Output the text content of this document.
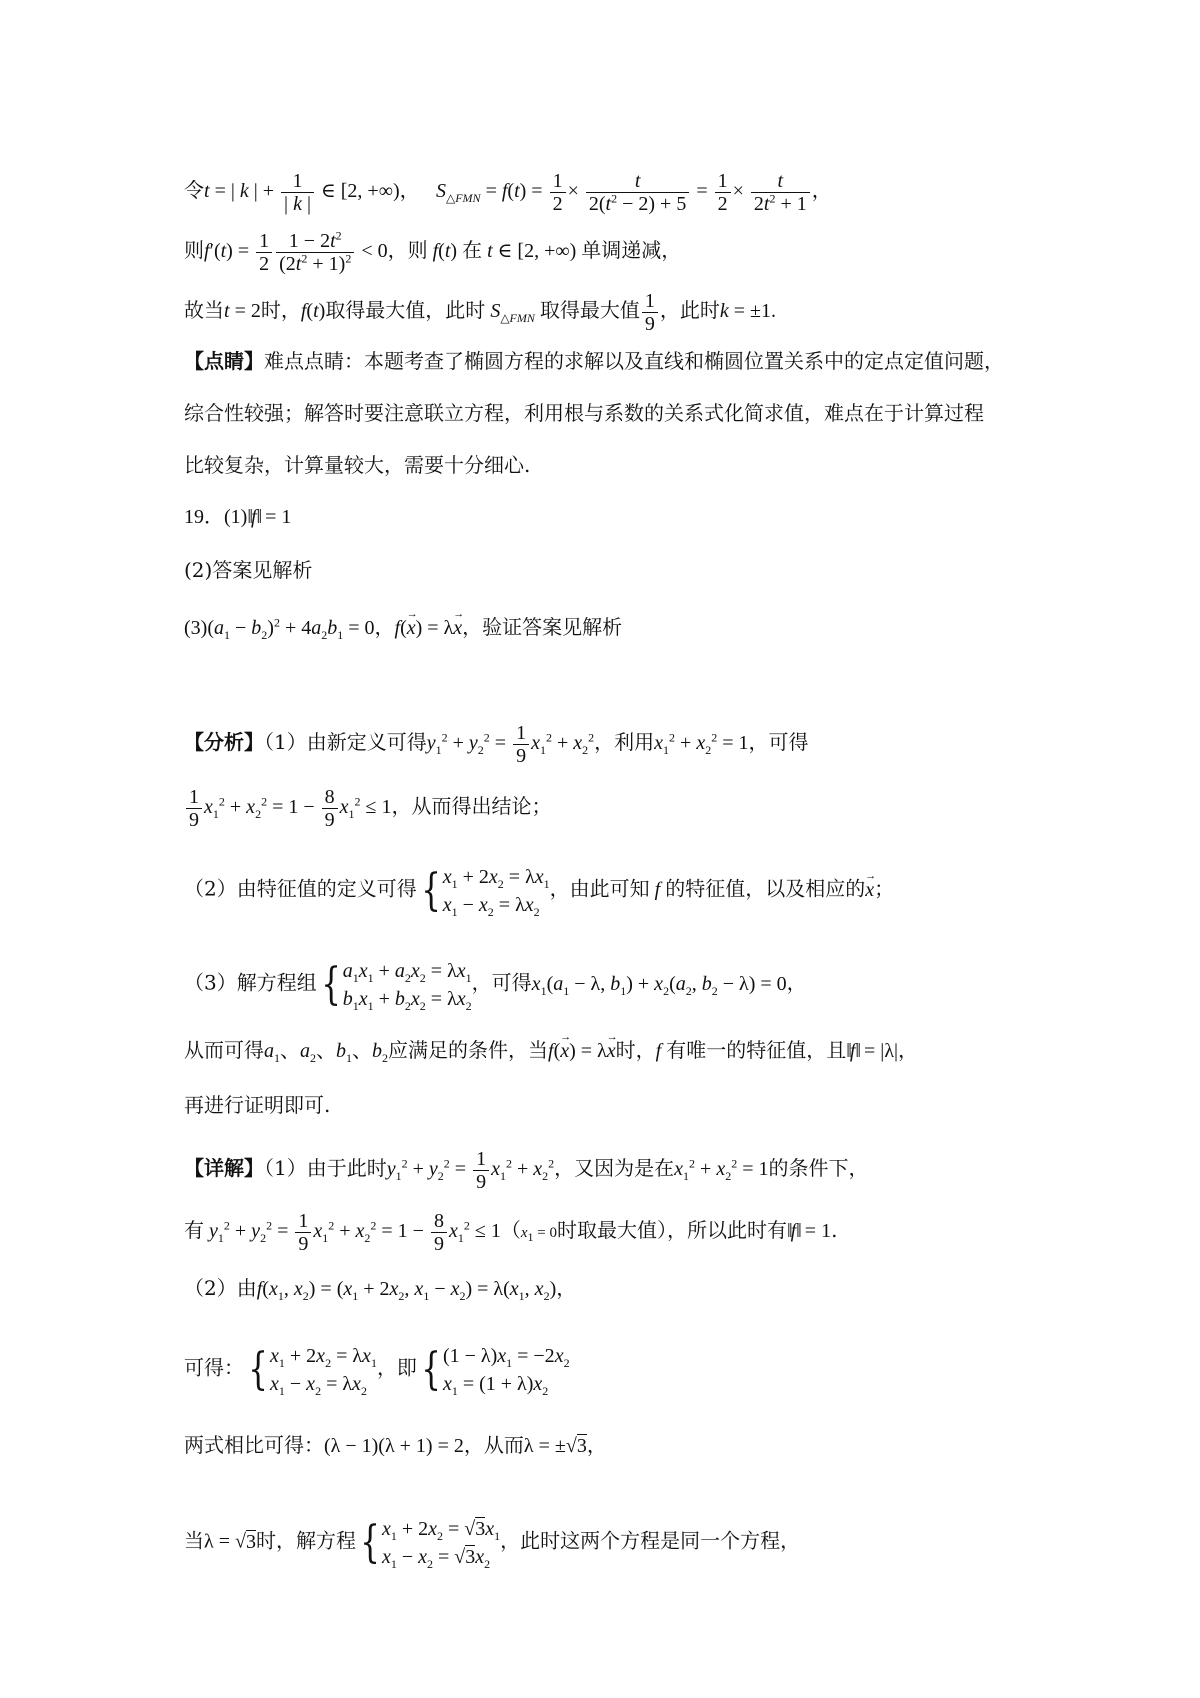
令t = | k | + $\frac{1}{| k |}$ ∈ [2, +∞)， $S_{\triangle FMN} = f(t) = \frac{1}{2} \times \frac{t}{2(t^2 - 2) + 5} = \frac{1}{2} \times \frac{t}{2t^2 + 1}$ ，
则$f'(t) = \frac{1}{2} \frac{1 - 2t^2}{(2t^2 + 1)^2} < 0$，则 f(t) 在 t ∈ [2, +∞) 单调递减，
故当t = 2时，f(t)取得最大值，此时 $S_{\triangle FMN}$ 取得最大值 $\frac{1}{9}$ ，此时k = ±1.
【点睛】难点点睛：本题考查了椭圆方程的求解以及直线和椭圆位置关系中的定点定值问题，
综合性较强；解答时要注意联立方程，利用根与系数的关系式化简求值，难点在于计算过程
比较复杂，计算量较大，需要十分细心.
19．(1)‖f‖ = 1
(2)答案见解析
$(3)(a_1 - b_2)^2 + 4a_2b_1 = 0$，f(→ x) = λ→ x，验证答案见解析
【分析】（1）由新定义可得$y_1^2 + y_2^2 = \frac{1}{9} x_1^2 + x_2^2$，利用$x_1^2 + x_2^2 = 1$，可得
$\frac{1}{9} x_1^2 + x_2^2 = 1 - \frac{8}{9} x_1^2 \le 1$，从而得出结论；
（2）由特征值的定义可得{ $x_1 + 2x_2 = \lambda x_1$
$x_1 - x_2 = \lambda x_2$
，由此可知 f 的特征值，以及相应的→ x；
（3）解方程组{ $a_1x_1 + a_2x_2 = \lambda x_1$
$b_1x_1 + b_2x_2 = \lambda x_2$
，可得$x_1(a_1 - \lambda$, $b_1) + x_2(a_2$, $b_2 - \lambda) = 0$，
从而可得$a_1$、$a_2$、$b_1$、$b_2$应满足的条件，当f(→ x) = λ→ x时，f 有唯一的特征值，且‖f‖ = |λ|，
再进行证明即可.
【详解】（1）由于此时$y_1^2 + y_2^2 = \frac{1}{9} x_1^2 + x_2^2$，又因为是在$x_1^2 + x_2^2 = 1$的条件下，
有 $y_1^2 + y_2^2 = \frac{1}{9} x_1^2 + x_2^2 = 1 - \frac{8}{9} x_1^2 \le 1(x_1 = 0$时取最大值），所以此时有‖f‖ = 1.
（2）由$f(x_1$, $x_2) = (x_1 + 2x_2$, $x_1 - x_2) = \lambda(x_1$, $x_2$)，
可得：{ $x_1 + 2x_2 = \lambda x_1$
$x_1 - x_2 = \lambda x_2$
，即{ $(1 - \lambda)x_1 = -2x_2$
$x_1 = (1 + \lambda)x_2$
两式相比可得：(λ − 1)(λ + 1) = 2，从而λ = ±√3，
当λ = √3时，解方程{ $x_1 + 2x_2 = √3x_1$
$x_1 - x_2 = √3x_2$
，此时这两个方程是同一个方程，
